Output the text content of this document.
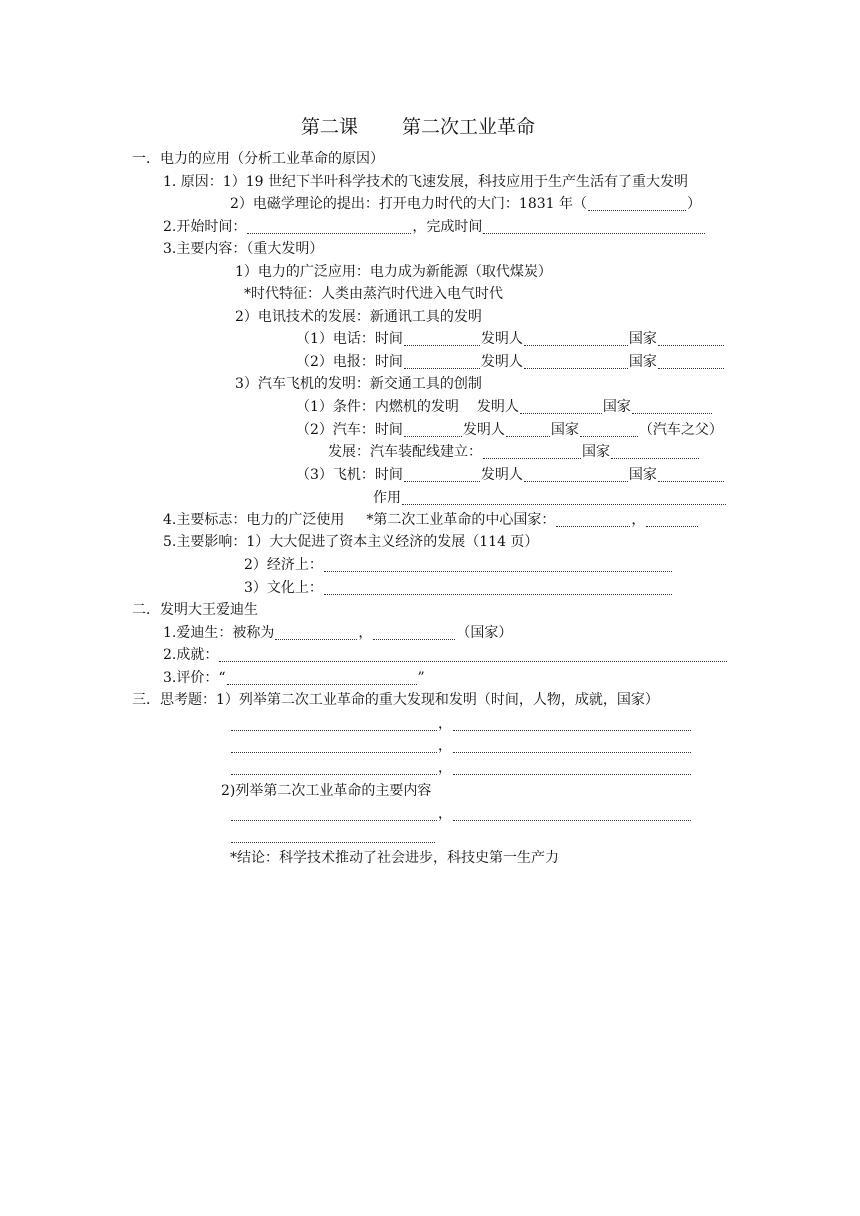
第二课 第二次工业革命
一．电力的应用（分析工业革命的原因）
1. 原因：1）19 世纪下半叶科学技术的飞速发展，科技应用于生产生活有了重大发明
2）电磁学理论的提出：打开电力时代的大门：1831 年（	）
2.开始时间：	，完成时间
3.主要内容：（重大发明）
1）电力的广泛应用：电力成为新能源（取代煤炭）
*时代特征：人类由蒸汽时代进入电气时代
2）电讯技术的发展：新通讯工具的发明
（1）电话：时间	发明人	国家
（2）电报：时间	发明人	国家
3）汽车飞机的发明：新交通工具的创制
（1）条件：内燃机的发明 发明人	国家
（2）汽车：时间	发明人	国家	（汽车之父）
发展：汽车装配线建立：	国家
（3）飞机：时间	发明人	国家
作用
4.主要标志：电力的广泛使用 *第二次工业革命的中心国家：	，
5.主要影响：1）大大促进了资本主义经济的发展（114 页）
2）经济上：
3）文化上：
二．发明大王爱迪生
1.爱迪生：被称为	，	（国家）
2.成就：
3.评价：“	”
三．思考题：1）列举第二次工业革命的重大发现和发明（时间，人物，成就，国家）
，
，
，
2)列举第二次工业革命的主要内容
，
*结论：科学技术推动了社会进步，科技史第一生产力
